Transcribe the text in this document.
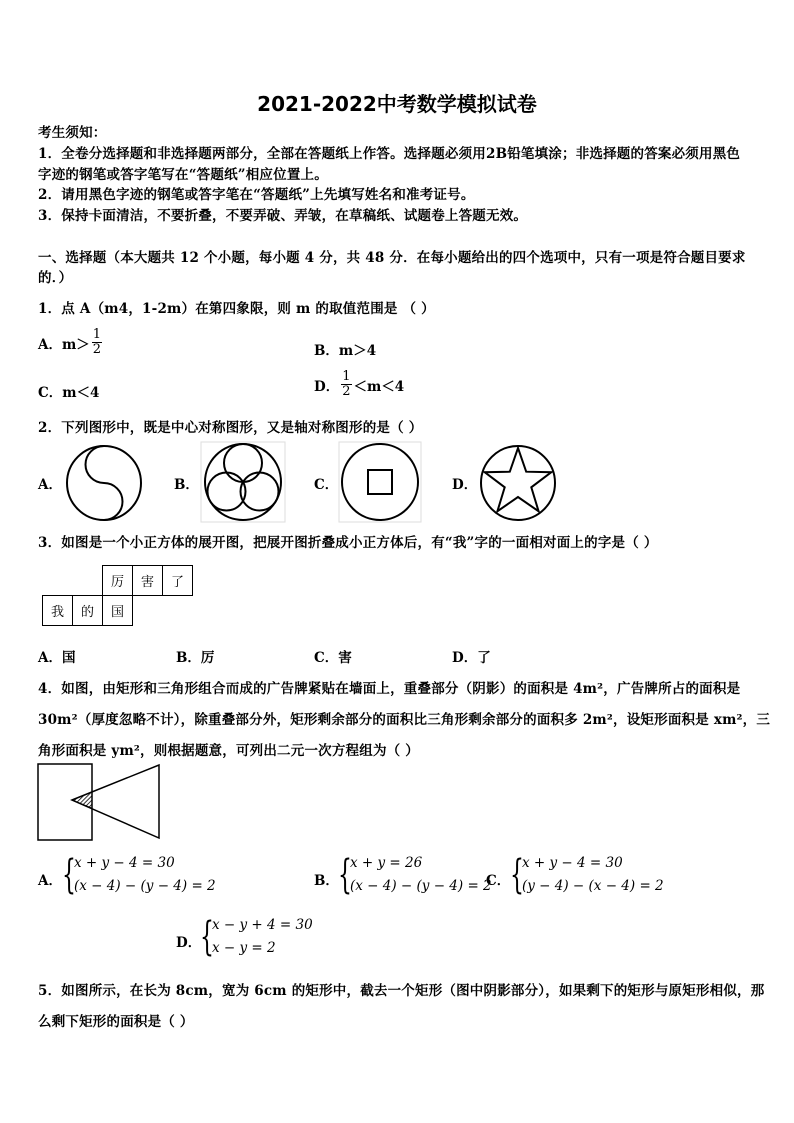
2021-2022中考数学模拟试卷
考生须知：
1．全卷分选择题和非选择题两部分，全部在答题纸上作答。选择题必须用2B铅笔填涂；非选择题的答案必须用黑色
字迹的钢笔或答字笔写在“答题纸”相应位置上。
2．请用黑色字迹的钢笔或答字笔在“答题纸”上先填写姓名和准考证号。
3．保持卡面清洁，不要折叠，不要弄破、弄皱，在草稿纸、试题卷上答题无效。
一、选择题（本大题共 12 个小题，每小题 4 分，共 48 分．在每小题给出的四个选项中，只有一项是符合题目要求
的．）
1．点 A（m4，1-2m）在第四象限，则 m 的取值范围是 （ ）
A．$m> \frac{1}{2}$	B．m＞4
C．m＜4	D． $\frac{1}{2} <m<4$
2．下列图形中，既是中心对称图形，又是轴对称图形的是（ ）
A．	B．	C．	D．
3．如图是一个小正方体的展开图，把展开图折叠成小正方体后，有“我”字的一面相对面上的字是（ ）
		厉	害	了
我	的	国		
A．国	B．厉	C．害	D．了
4．如图，由矩形和三角形组合而成的广告牌紧贴在墙面上，重叠部分（阴影）的面积是 4m²，广告牌所占的面积是
30m²（厚度忽略不计），除重叠部分外，矩形剩余部分的面积比三角形剩余部分的面积多 2m²，设矩形面积是 xm²，三
角形面积是 ym²，则根据题意，可列出二元一次方程组为（ ）
A． {
x + y − 4 = 30
(x − 4) − (y − 4) = 2	B． {
x + y = 26
(x − 4) − (y − 4) = 2
C． {
x + y − 4 = 30
(y − 4) − (x − 4) = 2
D．
{
x − y + 4 = 30
x − y = 2
5．如图所示，在长为 8cm，宽为 6cm 的矩形中，截去一个矩形（图中阴影部分），如果剩下的矩形与原矩形相似，那
么剩下矩形的面积是（ ）
